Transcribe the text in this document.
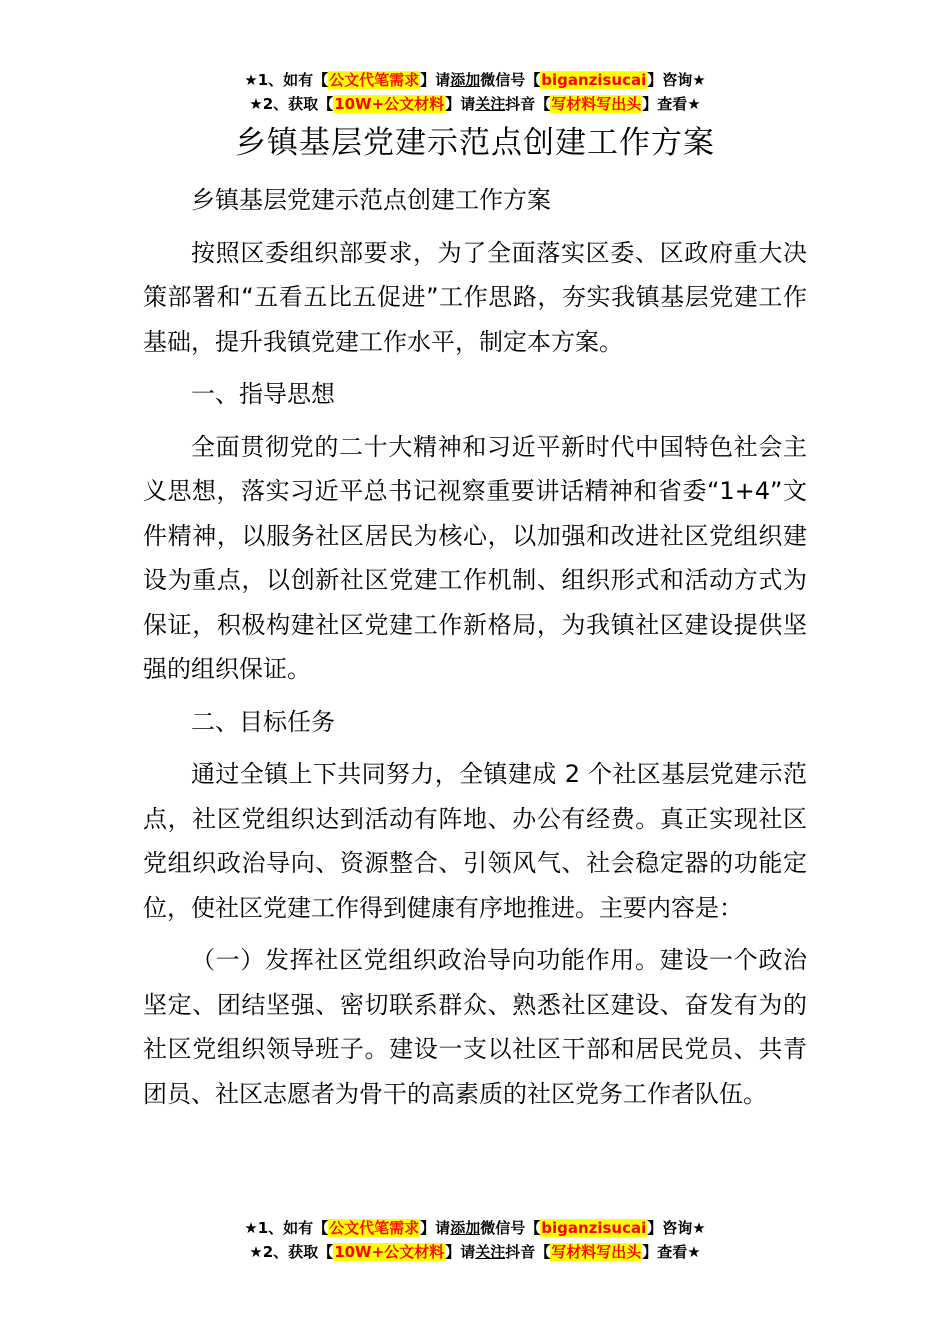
★1、如有【公文代笔需求】请添加微信号【biganzisucai】咨询★
★2、获取【10W+公文材料】请关注抖音【写材料写出头】查看★
乡镇基层党建示范点创建工作方案

乡镇基层党建示范点创建工作方案

按照区委组织部要求，为了全面落实区委、区政府重大决策部署和“五看五比五促进”工作思路，夯实我镇基层党建工作基础，提升我镇党建工作水平，制定本方案。

一、指导思想

全面贯彻党的二十大精神和习近平新时代中国特色社会主义思想，落实习近平总书记视察重要讲话精神和省委“1+4”文件精神，以服务社区居民为核心，以加强和改进社区党组织建设为重点，以创新社区党建工作机制、组织形式和活动方式为保证，积极构建社区党建工作新格局，为我镇社区建设提供坚强的组织保证。

二、目标任务

通过全镇上下共同努力，全镇建成 2 个社区基层党建示范点，社区党组织达到活动有阵地、办公有经费。真正实现社区党组织政治导向、资源整合、引领风气、社会稳定器的功能定位，使社区党建工作得到健康有序地推进。主要内容是：

（一）发挥社区党组织政治导向功能作用。建设一个政治坚定、团结坚强、密切联系群众、熟悉社区建设、奋发有为的社区党组织领导班子。建设一支以社区干部和居民党员、共青团员、社区志愿者为骨干的高素质的社区党务工作者队伍。

★1、如有【公文代笔需求】请添加微信号【biganzisucai】咨询★
★2、获取【10W+公文材料】请关注抖音【写材料写出头】查看★
